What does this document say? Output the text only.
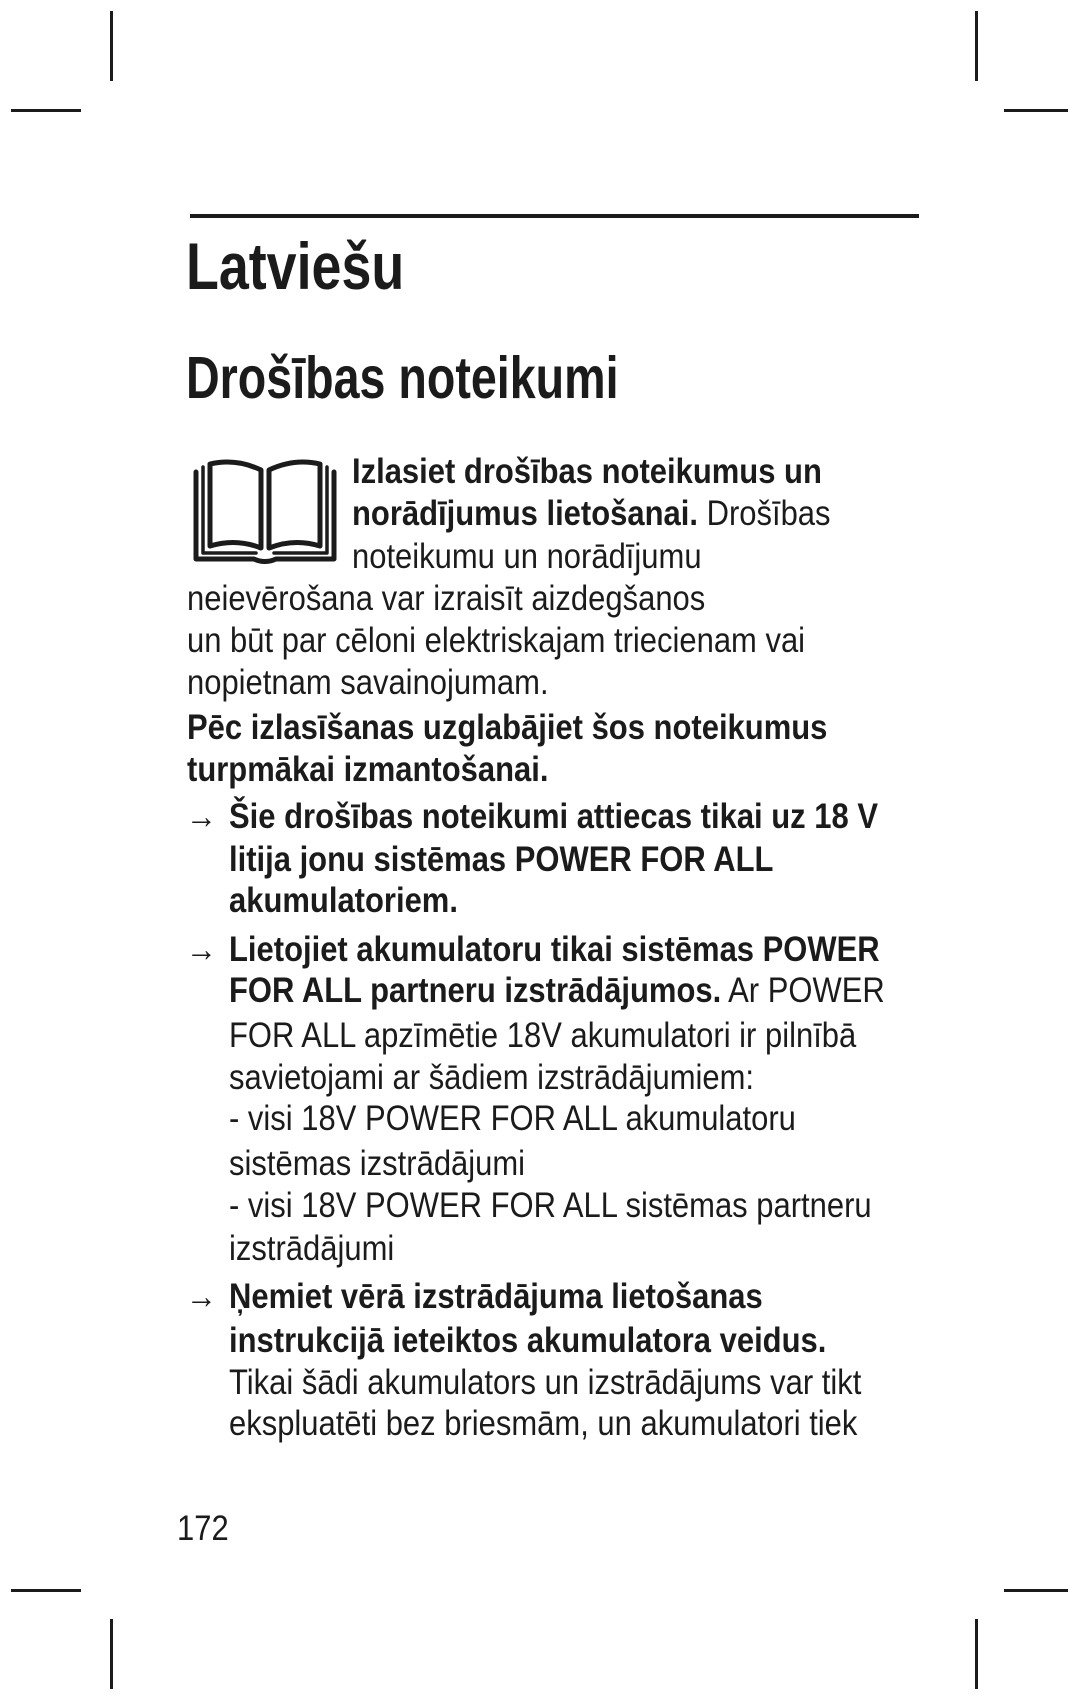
Latviešu
Drošības noteikumi
Izlasiet drošības noteikumus un
norādījumus lietošanai. Drošības
noteikumu un norādījumu
neievērošana var izraisīt aizdegšanos
un būt par cēloni elektriskajam triecienam vai
nopietnam savainojumam.
Pēc izlasīšanas uzglabājiet šos noteikumus
turpmākai izmantošanai.
→ Šie drošības noteikumi attiecas tikai uz 18 V
litija jonu sistēmas POWER FOR ALL
akumulatoriem.
→ Lietojiet akumulatoru tikai sistēmas POWER
FOR ALL partneru izstrādājumos. Ar POWER
FOR ALL apzīmētie 18V akumulatori ir pilnībā
savietojami ar šādiem izstrādājumiem:
- visi 18V POWER FOR ALL akumulatoru
sistēmas izstrādājumi
- visi 18V POWER FOR ALL sistēmas partneru
izstrādājumi
→ Ņemiet vērā izstrādājuma lietošanas
instrukcijā ieteiktos akumulatora veidus.
Tikai šādi akumulators un izstrādājums var tikt
ekspluatēti bez briesmām, un akumulatori tiek
172
